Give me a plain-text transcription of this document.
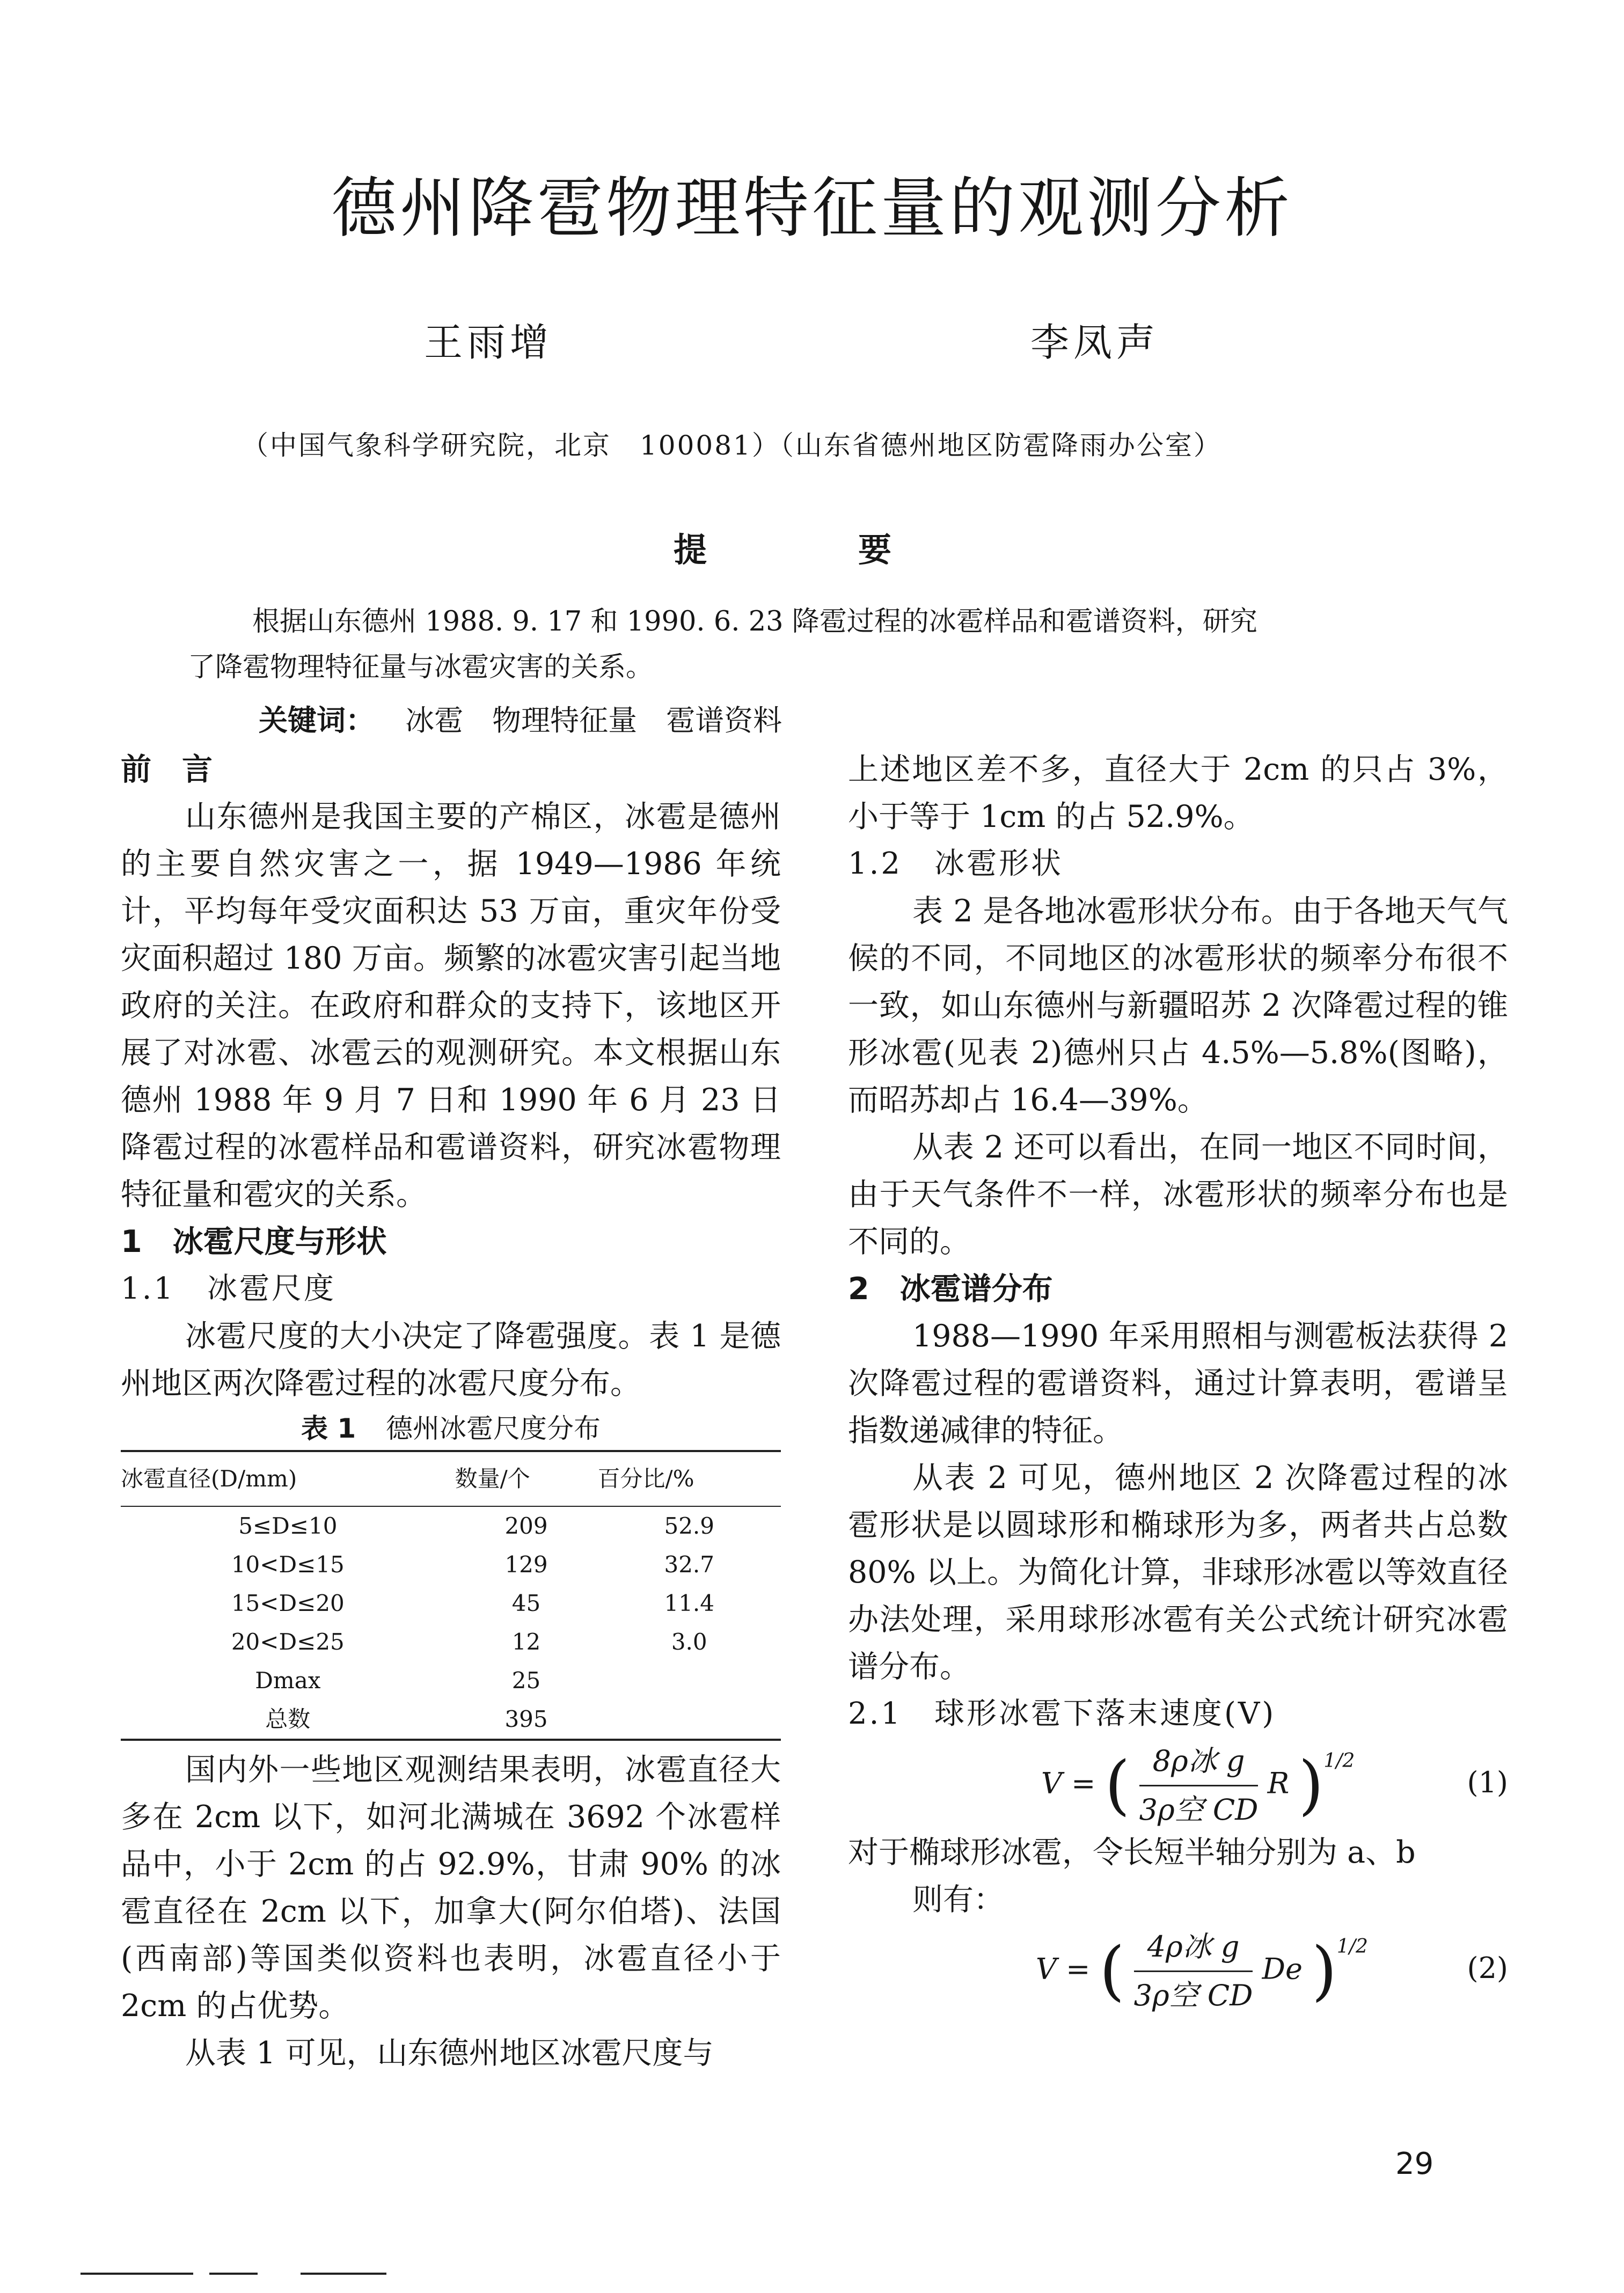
德州降雹物理特征量的观测分析
王雨增	李凤声
（中国气象科学研究院，北京　100081）（山东省德州地区防雹降雨办公室）
提　要
根据山东德州 1988. 9. 17 和 1990. 6. 23 降雹过程的冰雹样品和雹谱资料，研究
了降雹物理特征量与冰雹灾害的关系。
关键词： 冰雹　物理特征量　雹谱资料
前　言

山东德州是我国主要的产棉区，冰雹是德州的主要自然灾害之一，据 1949—1986 年统计，平均每年受灾面积达 53 万亩，重灾年份受灾面积超过 180 万亩。频繁的冰雹灾害引起当地政府的关注。在政府和群众的支持下，该地区开展了对冰雹、冰雹云的观测研究。本文根据山东德州 1988 年 9 月 7 日和 1990 年 6 月 23 日降雹过程的冰雹样品和雹谱资料，研究冰雹物理特征量和雹灾的关系。

1　冰雹尺度与形状
1.1　冰雹尺度

冰雹尺度的大小决定了降雹强度。表 1 是德州地区两次降雹过程的冰雹尺度分布。

表 1 德州冰雹尺度分布
冰雹直径(D/mm)	数量/个	百分比/%
5≤D≤10	209	52.9
10<D≤15	129	32.7
15<D≤20	45	11.4
20<D≤25	12	3.0
Dmax	25	
总数	395	

国内外一些地区观测结果表明，冰雹直径大多在 2cm 以下，如河北满城在 3692 个冰雹样品中，小于 2cm 的占 92.9%，甘肃 90% 的冰雹直径在 2cm 以下，加拿大(阿尔伯塔)、法国(西南部)等国类似资料也表明，冰雹直径小于 2cm 的占优势。

从表 1 可见，山东德州地区冰雹尺度与

上述地区差不多，直径大于 2cm 的只占 3%，小于等于 1cm 的占 52.9%。

1.2　冰雹形状

表 2 是各地冰雹形状分布。由于各地天气气候的不同，不同地区的冰雹形状的频率分布很不一致，如山东德州与新疆昭苏 2 次降雹过程的锥形冰雹(见表 2)德州只占 4.5%—5.8%(图略)，而昭苏却占 16.4—39%。

从表 2 还可以看出，在同一地区不同时间，由于天气条件不一样，冰雹形状的频率分布也是不同的。

2　冰雹谱分布

1988—1990 年采用照相与测雹板法获得 2 次降雹过程的雹谱资料，通过计算表明，雹谱呈指数递减律的特征。

从表 2 可见，德州地区 2 次降雹过程的冰雹形状是以圆球形和椭球形为多，两者共占总数 80% 以上。为简化计算，非球形冰雹以等效直径办法处理，采用球形冰雹有关公式统计研究冰雹谱分布。

2.1　球形冰雹下落末速度(V)
V = ( $\frac{\text{8ρ冰 g}}{\text{3ρ空 CD}}$ R )$^{1/2}$
(1)

对于椭球形冰雹，令长短半轴分别为 a、b

则有：

V = ( $\frac{\text{4ρ冰 g}}{\text{3ρ空 CD}}$ De )$^{1/2}$
(2)
29
